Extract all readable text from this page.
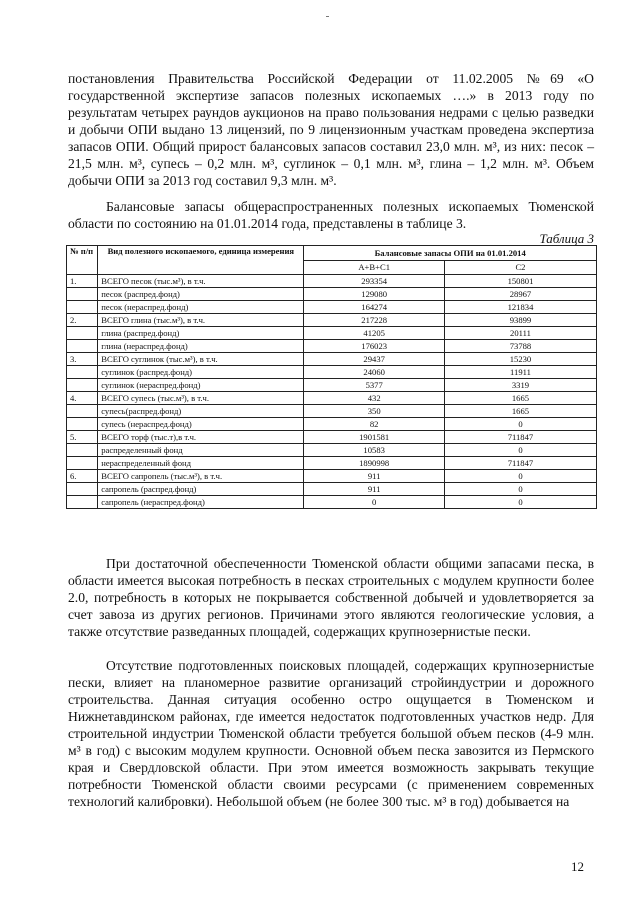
постановления Правительства Российской Федерации от 11.02.2005 №69 «О государственной экспертизе запасов полезных ископаемых ….» в 2013 году по результатам четырех раундов аукционов на право пользования недрами с целью разведки и добычи ОПИ выдано 13 лицензий, по 9 лицензионным участкам проведена экспертиза запасов ОПИ. Общий прирост балансовых запасов составил 23,0 млн. м³, из них: песок – 21,5 млн. м³, супесь – 0,2 млн. м³, суглинок – 0,1 млн. м³, глина – 1,2 млн. м³. Объем добычи ОПИ за 2013 год составил 9,3 млн. м³.

Балансовые запасы общераспространенных полезных ископаемых Тюменской области по состоянию на 01.01.2014 года, представлены в таблице 3.

Таблица 3
№ п/п	Вид полезного ископаемого, единица измерения	Балансовые запасы ОПИ на 01.01.2014	
		A+B+C1	C2
1.	ВСЕГО песок (тыс.м³), в т.ч.	293354	150801
	песок (распред.фонд)	129080	28967
	песок (нераспред.фонд)	164274	121834
2.	ВСЕГО глина (тыс.м³), в т.ч.	217228	93899
	глина (распред.фонд)	41205	20111
	глина (нераспред.фонд)	176023	73788
3.	ВСЕГО суглинок (тыс.м³), в т.ч.	29437	15230
	суглинок (распред.фонд)	24060	11911
	суглинок (нераспред.фонд)	5377	3319
4.	ВСЕГО супесь (тыс.м³), в т.ч.	432	1665
	супесь(распред.фонд)	350	1665
	супесь (нераспред.фонд)	82	0
5.	ВСЕГО торф (тыс.т),в т.ч.	1901581	711847
	распределенный фонд	10583	0
	нераспределенный фонд	1890998	711847
6.	ВСЕГО сапропель (тыс.м³), в т.ч.	911	0
	сапропель (распред.фонд)	911	0
	сапропель (нераспред.фонд)	0	0

При достаточной обеспеченности Тюменской области общими запасами песка, в области имеется высокая потребность в песках строительных с модулем крупности более 2.0, потребность в которых не покрывается собственной добычей и удовлетворяется за счет завоза из других регионов. Причинами этого являются геологические условия, а также отсутствие разведанных площадей, содержащих крупнозернистые пески.

Отсутствие подготовленных поисковых площадей, содержащих крупнозернистые пески, влияет на планомерное развитие организаций стройиндустрии и дорожного строительства. Данная ситуация особенно остро ощущается в Тюменском и Нижнетавдинском районах, где имеется недостаток подготовленных участков недр. Для строительной индустрии Тюменской области требуется большой объем песков (4-9 млн. м³ в год) с высоким модулем крупности. Основной объем песка завозится из Пермского края и Свердловской области. При этом имеется возможность закрывать текущие потребности Тюменской области своими ресурсами (с применением современных технологий калибровки). Небольшой объем (не более 300 тыс. м³ в год) добывается на

12
